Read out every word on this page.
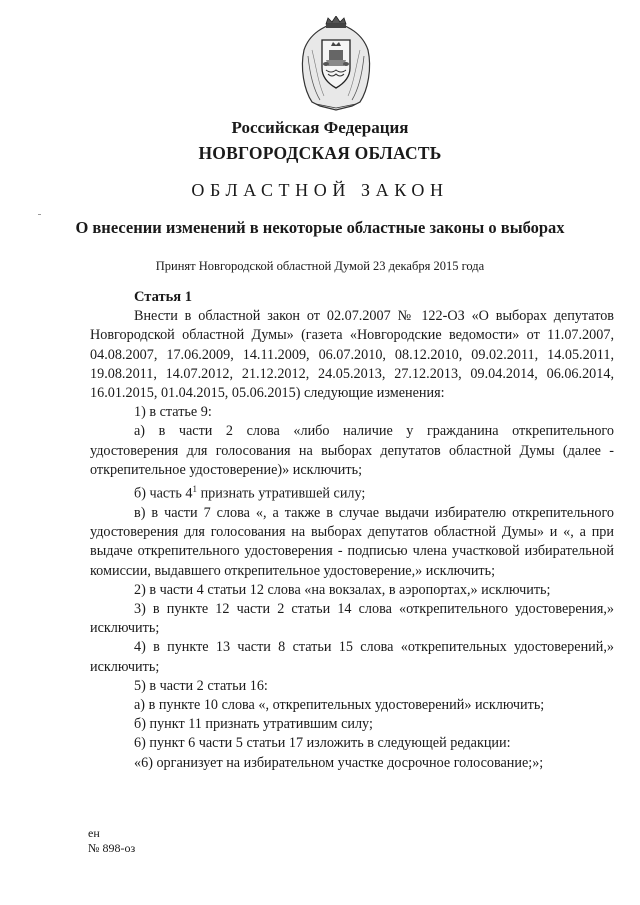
Российская Федерация
НОВГОРОДСКАЯ ОБЛАСТЬ
ОБЛАСТНОЙ ЗАКОН
О внесении изменений в некоторые областные законы о выборах
Принят Новгородской областной Думой 23 декабря 2015 года

Статья 1

Внести в областной закон от 02.07.2007 № 122-ОЗ «О выборах депутатов Новгородской областной Думы» (газета «Новгородские ведомости» от 11.07.2007, 04.08.2007, 17.06.2009, 14.11.2009, 06.07.2010, 08.12.2010, 09.02.2011, 14.05.2011, 19.08.2011, 14.07.2012, 21.12.2012, 24.05.2013, 27.12.2013, 09.04.2014, 06.06.2014, 16.01.2015, 01.04.2015, 05.06.2015) следующие изменения:

1) в статье 9:

а) в части 2 слова «либо наличие у гражданина открепительного удостоверения для голосования на выборах депутатов областной Думы (далее - открепительное удостоверение)» исключить;

б) часть $4^1$ признать утратившей силу;

в) в части 7 слова «, а также в случае выдачи избирателю открепительного удостоверения для голосования на выборах депутатов областной Думы» и «, а при выдаче открепительного удостоверения - подписью члена участковой избирательной комиссии, выдавшего открепительное удостоверение,» исключить;

2) в части 4 статьи 12 слова «на вокзалах, в аэропортах,» исключить;

3) в пункте 12 части 2 статьи 14 слова «открепительного удостоверения,» исключить;

4) в пункте 13 части 8 статьи 15 слова «открепительных удостоверений,» исключить;

5) в части 2 статьи 16:

а) в пункте 10 слова «, открепительных удостоверений» исключить;

б) пункт 11 признать утратившим силу;

6) пункт 6 части 5 статьи 17 изложить в следующей редакции:

«6) организует на избирательном участке досрочное голосование;»;

ен
№ 898-оз
